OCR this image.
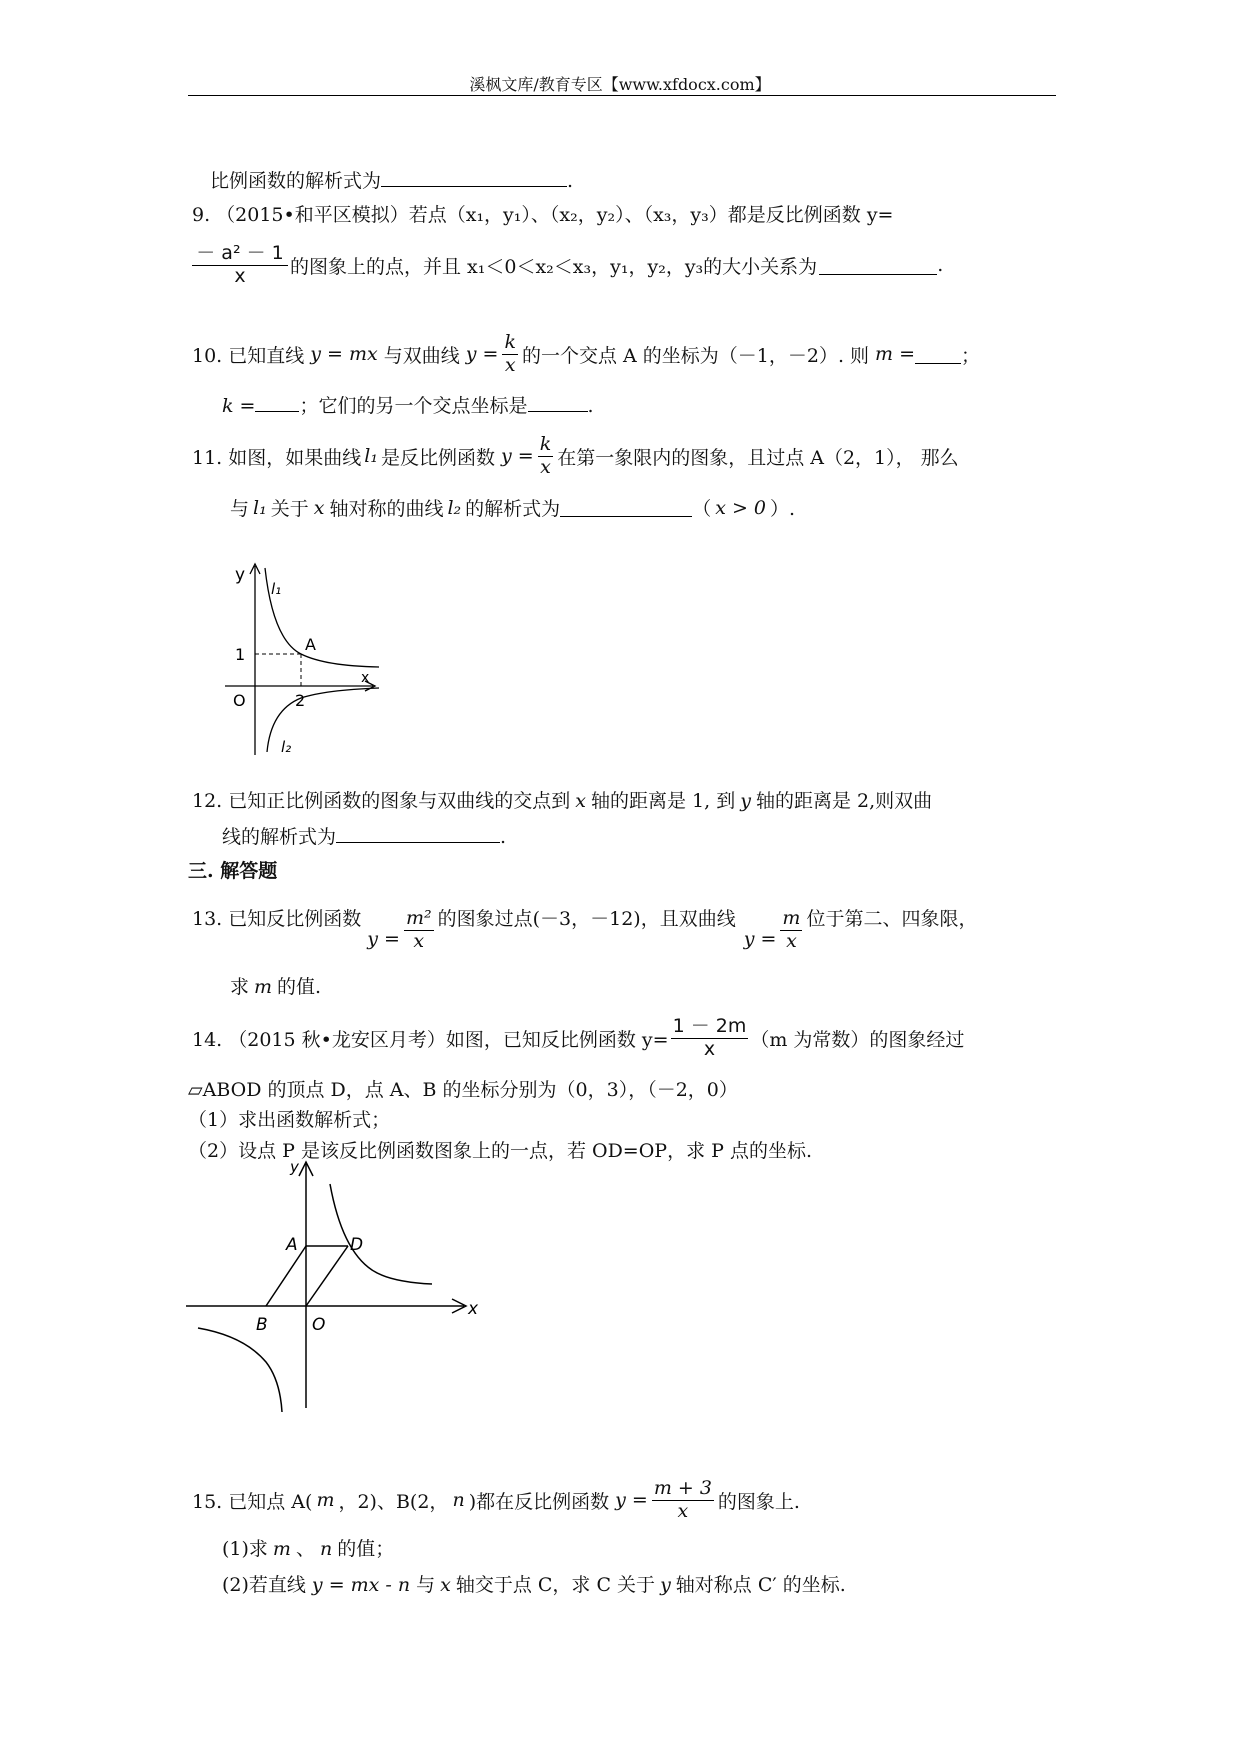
溪枫文库/教育专区【www.xfdocx.com】
比例函数的解析式为	.
9. （2015•和平区模拟）若点（x₁，y₁）、（x₂，y₂）、（x₃，y₃）都是反比例函数 y=
$\frac{\text{－ a² － 1}}{x}$ 的图象上的点，并且 x₁＜0＜x₂＜x₃，y₁，y₂，y₃的大小关系为	.
10. 已知直线 y = mx 与双曲线 $y = \frac{k}{x}$ 的一个交点 A 的坐标为（－1，－2）. 则 m = ；
k = ；它们的另一个交点坐标是	.
11. 如图，如果曲线 l₁ 是反比例函数 $y = \frac{k}{x}$ 在第一象限内的图象，且过点 A（2，1）， 那么
与 l₁ 关于 x 轴对称的曲线 l₂ 的解析式为	（ x > 0 ）.
y
l₁
A
1
O	2
x
l₂
12. 已知正比例函数的图象与双曲线的交点到 x 轴的距离是 1, 到 y 轴的距离是 2,则双曲
线的解析式为	.
三. 解答题
13. 已知反比例函数
$y = \frac{\text{m²}}{x}$ 的图象过点(－3，－12)，且双曲线
$y = \frac{m}{x}$ 位于第二、四象限，
求 m 的值.
14. （2015 秋•龙安区月考）如图，已知反比例函数 $y= \frac{1 - 2m}{x} (m$ 为常数）的图象经过
▱ABOD 的顶点 D，点 A、B 的坐标分别为（0，3），（－2，0）
（1）求出函数解析式；
（2）设点 P 是该反比例函数图象上的一点，若 OD=OP，求 P 点的坐标.
y
A	D
B	O
x
15. 已知点 A( m ，2)、B(2， n )都在反比例函数 $y = \frac{m + 3}{x}$ 的图象上.
(1)求 m 、 n 的值；
(2)若直线 y = mx - n 与 x 轴交于点 C，求 C 关于 y 轴对称点 C′ 的坐标.
